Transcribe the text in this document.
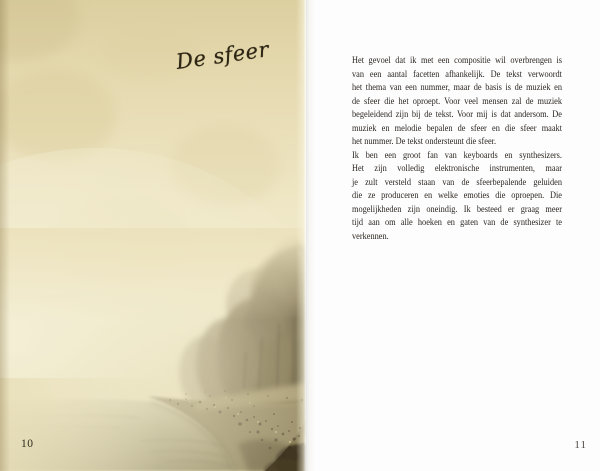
De sfeer
10

Het gevoel dat ik met een compositie wil overbrengen is
van een aantal facetten afhankelijk. De tekst verwoordt
het thema van een nummer, maar de basis is de muziek en
de sfeer die het oproept. Voor veel mensen zal de muziek
begeleidend zijn bij de tekst. Voor mij is dat andersom. De
muziek en melodie bepalen de sfeer en die sfeer maakt
het nummer. De tekst ondersteunt die sfeer.

Ik ben een groot fan van keyboards en synthesizers.
Het zijn volledig elektronische instrumenten, maar
je zult versteld staan van de sfeerbepalende geluiden
die ze produceren en welke emoties die oproepen. Die
mogelijkheden zijn oneindig. Ik besteed er graag meer
tijd aan om alle hoeken en gaten van de synthesizer te
verkennen.

11
